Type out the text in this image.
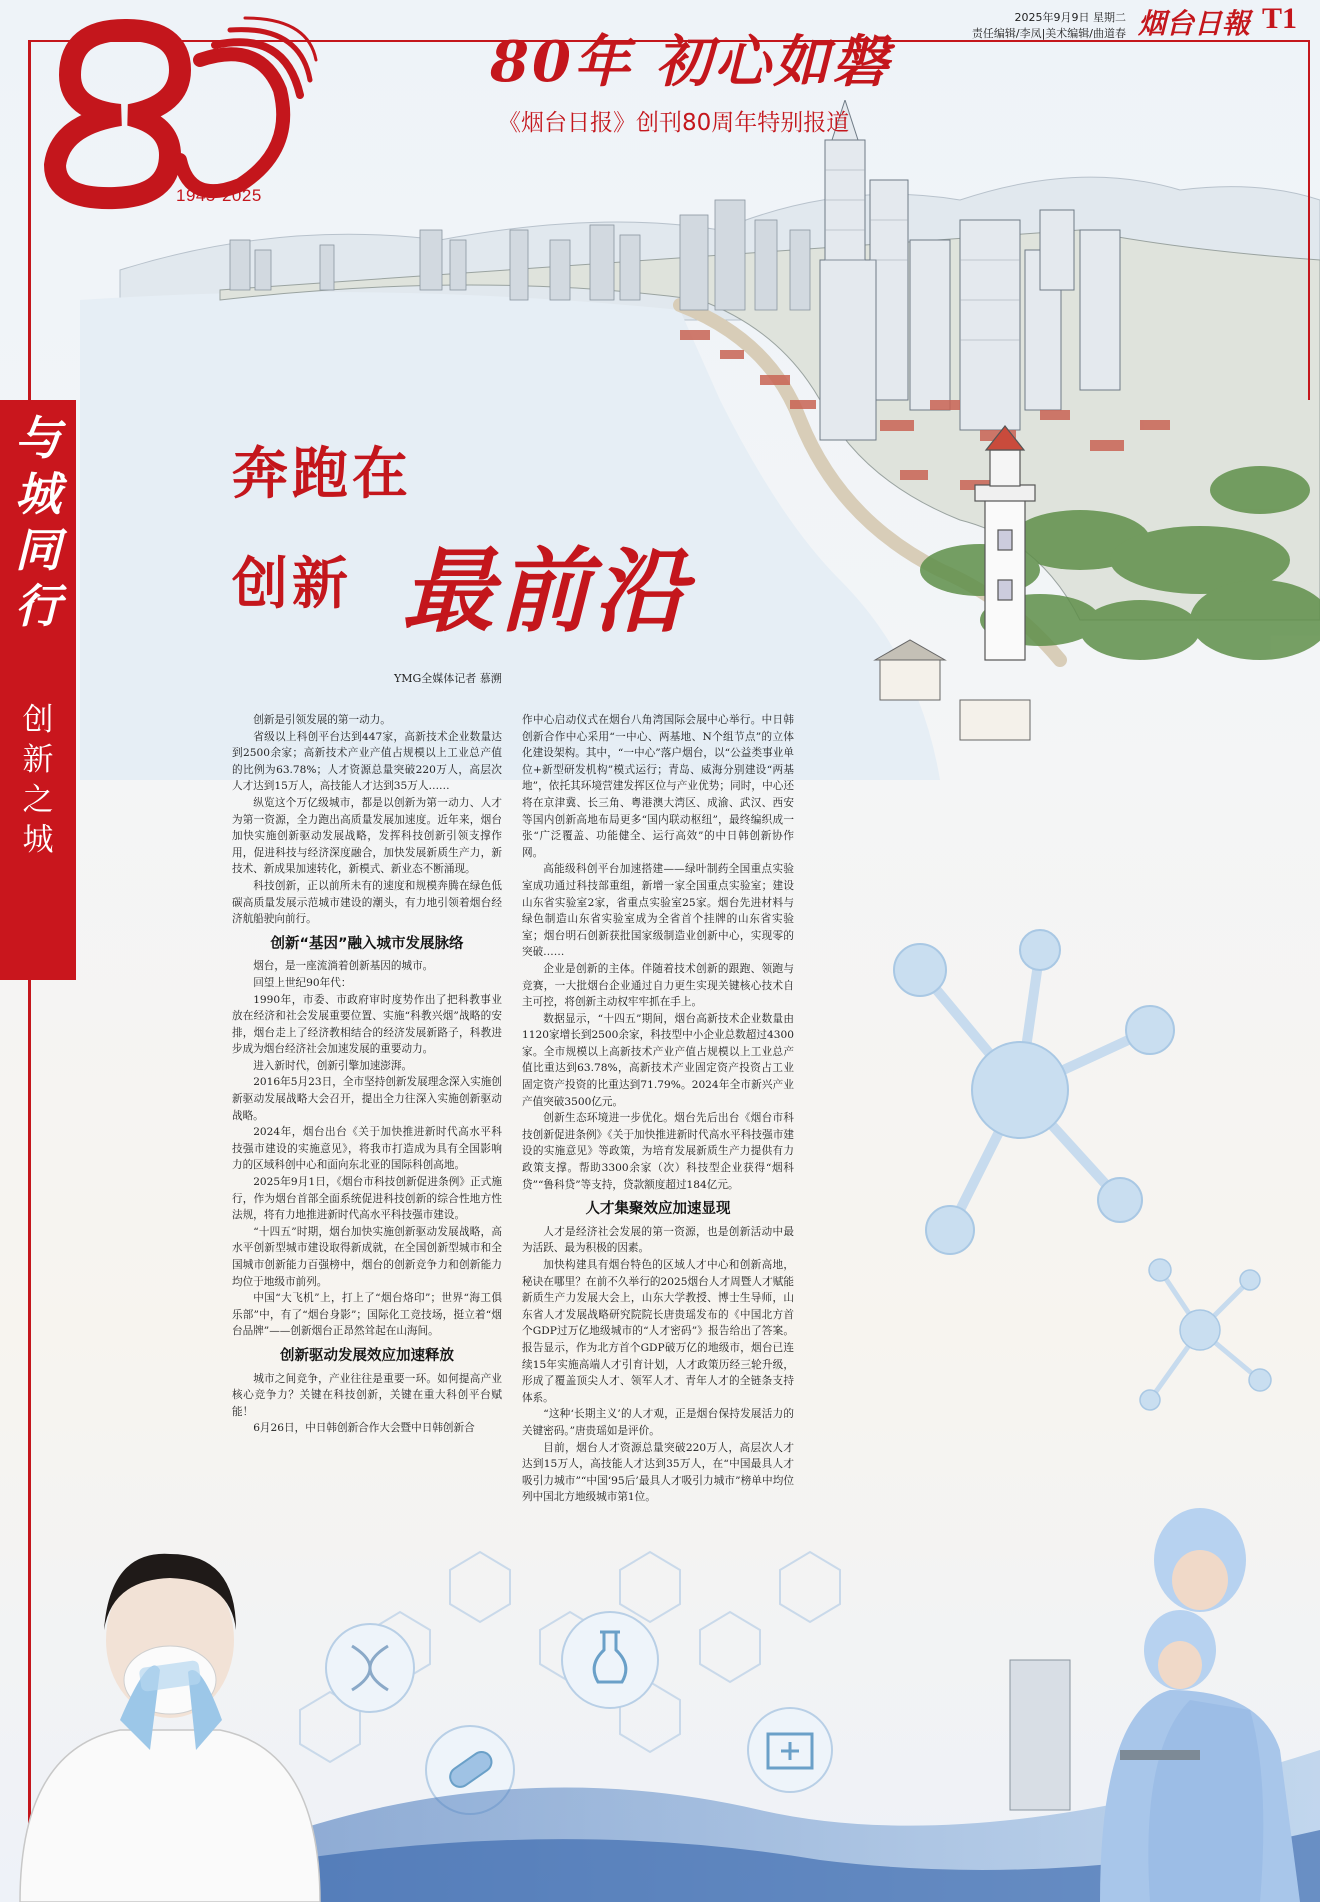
1945-2025
80年 初心如磐
《烟台日报》创刊80周年特别报道
2025年9月9日 星期二
责任编辑/李凤|美术编辑/曲道春 烟台日報 T1
与
城
同
行
创
新
之
城
奔跑在
创新 最前沿
YMG全媒体记者 慕溯

创新是引领发展的第一动力。

省级以上科创平台达到447家，高新技术企业数量达到2500余家；高新技术产业产值占规模以上工业总产值的比例为63.78%；人才资源总量突破220万人，高层次人才达到15万人，高技能人才达到35万人……

纵览这个万亿级城市，都是以创新为第一动力、人才为第一资源，全力跑出高质量发展加速度。近年来，烟台加快实施创新驱动发展战略，发挥科技创新引领支撑作用，促进科技与经济深度融合，加快发展新质生产力，新技术、新成果加速转化，新模式、新业态不断涌现。

科技创新，正以前所未有的速度和规模奔腾在绿色低碳高质量发展示范城市建设的潮头，有力地引领着烟台经济航船驶向前行。

创新“基因”融入城市发展脉络

烟台，是一座流淌着创新基因的城市。

回望上世纪90年代：

1990年，市委、市政府审时度势作出了把科教事业放在经济和社会发展重要位置、实施“科教兴烟”战略的安排，烟台走上了经济教相结合的经济发展新路子，科教进步成为烟台经济社会加速发展的重要动力。

进入新时代，创新引擎加速澎湃。

2016年5月23日，全市坚持创新发展理念深入实施创新驱动发展战略大会召开，提出全力往深入实施创新驱动战略。

2024年，烟台出台《关于加快推进新时代高水平科技强市建设的实施意见》，将我市打造成为具有全国影响力的区域科创中心和面向东北亚的国际科创高地。

2025年9月1日，《烟台市科技创新促进条例》正式施行，作为烟台首部全面系统促进科技创新的综合性地方性法规，将有力地推进新时代高水平科技强市建设。

“十四五”时期，烟台加快实施创新驱动发展战略，高水平创新型城市建设取得新成就，在全国创新型城市和全国城市创新能力百强榜中，烟台的创新竞争力和创新能力均位于地级市前列。

中国“大飞机”上，打上了“烟台烙印”；世界“海工俱乐部”中，有了“烟台身影”；国际化工竞技场，挺立着“烟台品牌”——创新烟台正昂然耸起在山海间。

创新驱动发展效应加速释放

城市之间竞争，产业往往是重要一环。如何提高产业核心竞争力？关键在科技创新，关键在重大科创平台赋能！

6月26日，中日韩创新合作大会暨中日韩创新合

作中心启动仪式在烟台八角湾国际会展中心举行。中日韩创新合作中心采用“一中心、两基地、N个组节点”的立体化建设架构。其中，“一中心”落户烟台，以“公益类事业单位+新型研发机构”模式运行；青岛、威海分别建设“两基地”，依托其环境营建发挥区位与产业优势；同时，中心还将在京津冀、长三角、粤港澳大湾区、成渝、武汉、西安等国内创新高地布局更多“国内联动枢纽”，最终编织成一张“广泛覆盖、功能健全、运行高效”的中日韩创新协作网。

高能级科创平台加速搭建——绿叶制药全国重点实验室成功通过科技部重组，新增一家全国重点实验室；建设山东省实验室2家，省重点实验室25家。烟台先进材料与绿色制造山东省实验室成为全省首个挂牌的山东省实验室；烟台明石创新获批国家级制造业创新中心，实现零的突破……

企业是创新的主体。伴随着技术创新的跟跑、领跑与竞赛，一大批烟台企业通过自力更生实现关键核心技术自主可控，将创新主动权牢牢抓在手上。

数据显示，“十四五”期间，烟台高新技术企业数量由1120家增长到2500余家，科技型中小企业总数超过4300家。全市规模以上高新技术产业产值占规模以上工业总产值比重达到63.78%，高新技术产业固定资产投资占工业固定资产投资的比重达到71.79%。2024年全市新兴产业产值突破3500亿元。

创新生态环境进一步优化。烟台先后出台《烟台市科技创新促进条例》《关于加快推进新时代高水平科技强市建设的实施意见》等政策，为培育发展新质生产力提供有力政策支撑。帮助3300余家（次）科技型企业获得“烟科贷”“鲁科贷”等支持，贷款额度超过184亿元。

人才集聚效应加速显现

人才是经济社会发展的第一资源，也是创新活动中最为活跃、最为积极的因素。

加快构建具有烟台特色的区域人才中心和创新高地，秘诀在哪里？在前不久举行的2025烟台人才周暨人才赋能新质生产力发展大会上，山东大学教授、博士生导师，山东省人才发展战略研究院院长唐贵瑶发布的《中国北方首个GDP过万亿地级城市的“人才密码”》报告给出了答案。报告显示，作为北方首个GDP破万亿的地级市，烟台已连续15年实施高端人才引育计划，人才政策历经三轮升级，形成了覆盖顶尖人才、领军人才、青年人才的全链条支持体系。

“这种‘长期主义’的人才观，正是烟台保持发展活力的关键密码。”唐贵瑶如是评价。

目前，烟台人才资源总量突破220万人，高层次人才达到15万人，高技能人才达到35万人，在“中国最具人才吸引力城市”“中国‘95后’最具人才吸引力城市”榜单中均位列中国北方地级城市第1位。
